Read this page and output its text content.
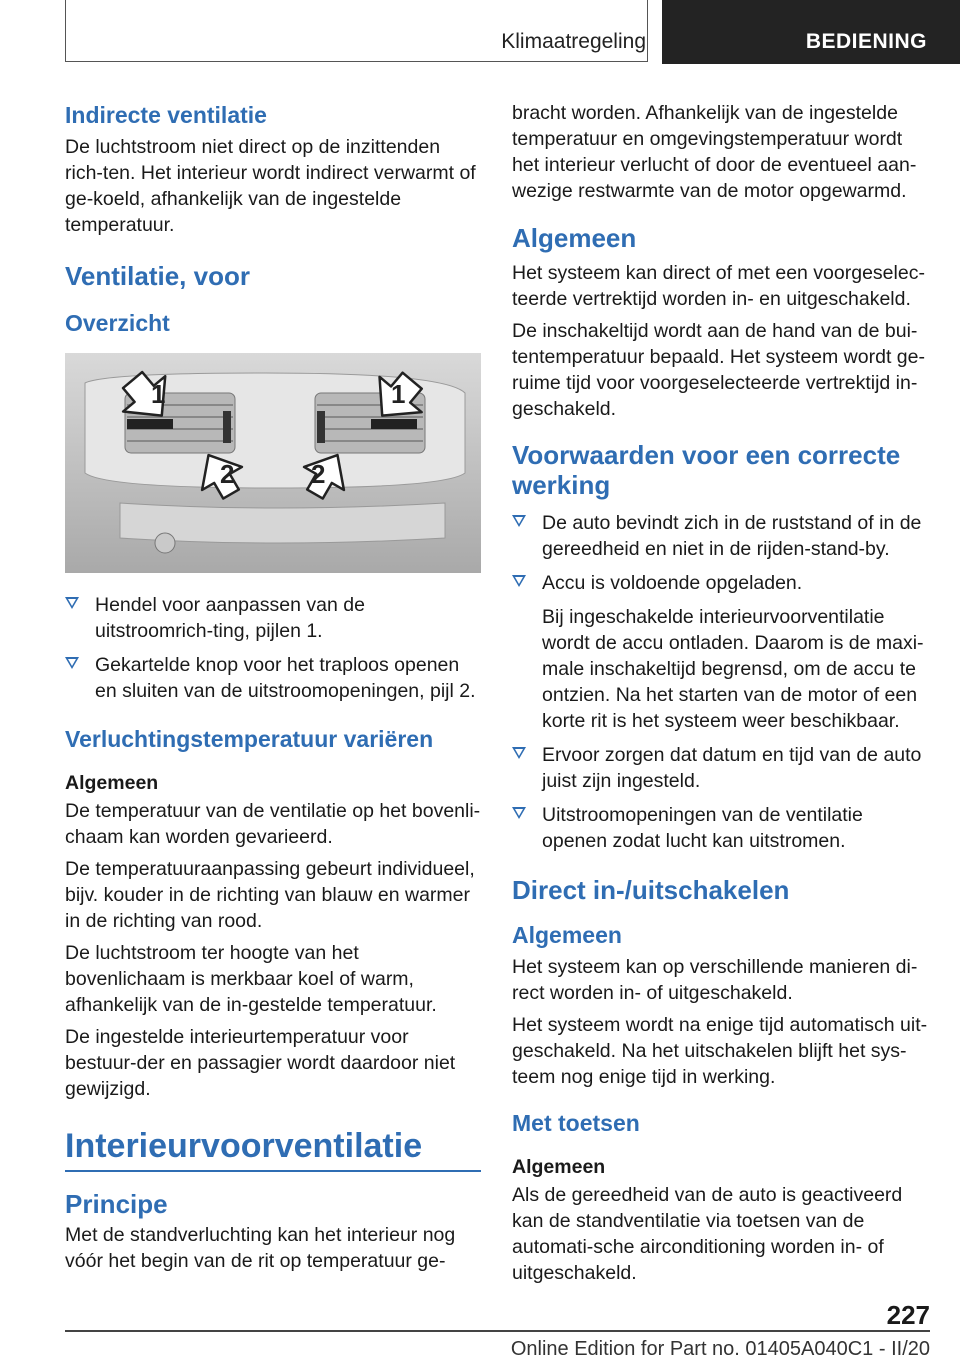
Klimaatregeling	BEDIENING
Indirecte ventilatie

De luchtstroom niet direct op de inzittenden rich-ten. Het interieur wordt indirect verwarmt of ge-koeld, afhankelijk van de ingestelde temperatuur.

Ventilatie, voor
Overzicht
1	1
2	2
Hendel voor aanpassen van de uitstroomrich-ting, pijlen 1.
Gekartelde knop voor het traploos openen en sluiten van de uitstroomopeningen, pijl 2.
Verluchtingstemperatuur variëren
Algemeen

De temperatuur van de ventilatie op het bovenli-chaam kan worden gevarieerd.

De temperatuuraanpassing gebeurt individueel, bijv. kouder in de richting van blauw en warmer in de richting van rood.

De luchtstroom ter hoogte van het bovenlichaam is merkbaar koel of warm, afhankelijk van de in-gestelde temperatuur.

De ingestelde interieurtemperatuur voor bestuur-der en passagier wordt daardoor niet gewijzigd.

Interieurvoorventilatie
Principe

Met de standverluchting kan het interieur nog vóór het begin van de rit op temperatuur ge-

bracht worden. Afhankelijk van de ingestelde temperatuur en omgevingstemperatuur wordt het interieur verlucht of door de eventueel aan-wezige restwarmte van de motor opgewarmd.

Algemeen

Het systeem kan direct of met een voorgeselec-teerde vertrektijd worden in- en uitgeschakeld.

De inschakeltijd wordt aan de hand van de bui-tentemperatuur bepaald. Het systeem wordt ge-ruime tijd voor voorgeselecteerde vertrektijd in-geschakeld.

Voorwaarden voor een correcte werking
De auto bevindt zich in de ruststand of in de gereedheid en niet in de rijden-stand-by.
Accu is voldoende opgeladen.
Bij ingeschakelde interieurvoorventilatie wordt de accu ontladen. Daarom is de maxi-male inschakeltijd begrensd, om de accu te ontzien. Na het starten van de motor of een korte rit is het systeem weer beschikbaar.
Ervoor zorgen dat datum en tijd van de auto juist zijn ingesteld.
Uitstroomopeningen van de ventilatie openen zodat lucht kan uitstromen.
Direct in-/uitschakelen
Algemeen

Het systeem kan op verschillende manieren di-rect worden in- of uitgeschakeld.

Het systeem wordt na enige tijd automatisch uit-geschakeld. Na het uitschakelen blijft het sys-teem nog enige tijd in werking.

Met toetsen
Algemeen

Als de gereedheid van de auto is geactiveerd kan de standventilatie via toetsen van de automati-sche airconditioning worden in- of uitgeschakeld.

227
Online Edition for Part no. 01405A040C1 - II/20
